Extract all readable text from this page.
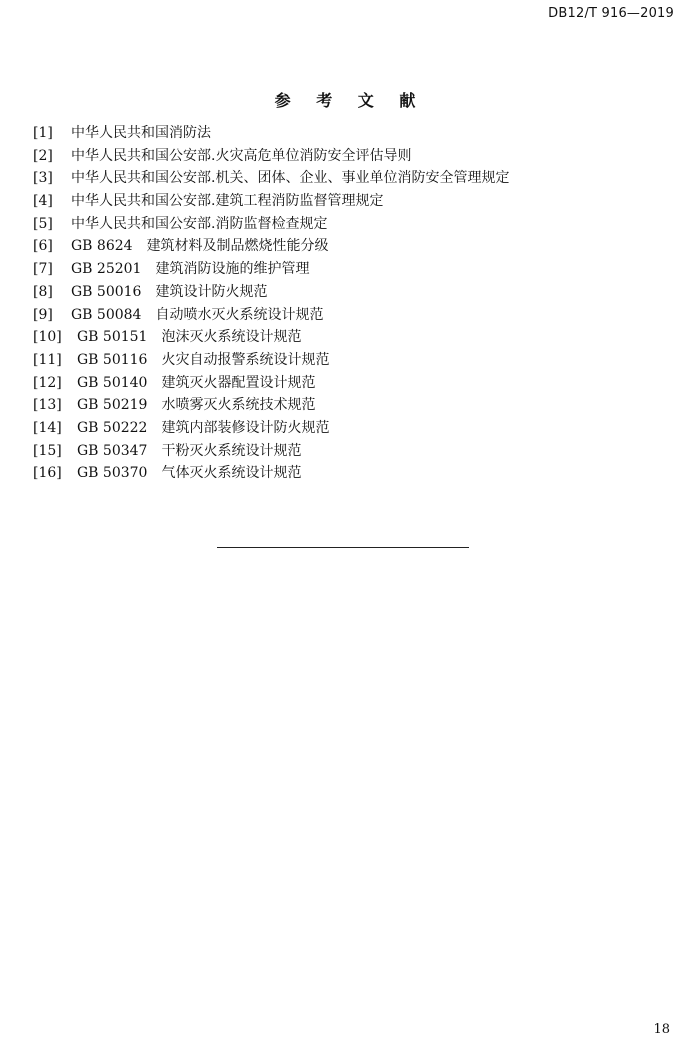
DB12/T 916—2019
参 考 文 献
[1]	中华人民共和国消防法
[2]	中华人民共和国公安部.火灾高危单位消防安全评估导则
[3]	中华人民共和国公安部.机关、团体、企业、事业单位消防安全管理规定
[4]	中华人民共和国公安部.建筑工程消防监督管理规定
[5]	中华人民共和国公安部.消防监督检查规定
[6]	GB 8624 建筑材料及制品燃烧性能分级
[7]	GB 25201 建筑消防设施的维护管理
[8]	GB 50016 建筑设计防火规范
[9]	GB 50084 自动喷水灭火系统设计规范
[10]	GB 50151 泡沫灭火系统设计规范
[11]	GB 50116 火灾自动报警系统设计规范
[12]	GB 50140 建筑灭火器配置设计规范
[13]	GB 50219 水喷雾灭火系统技术规范
[14]	GB 50222 建筑内部装修设计防火规范
[15]	GB 50347 干粉灭火系统设计规范
[16]	GB 50370 气体灭火系统设计规范
18
